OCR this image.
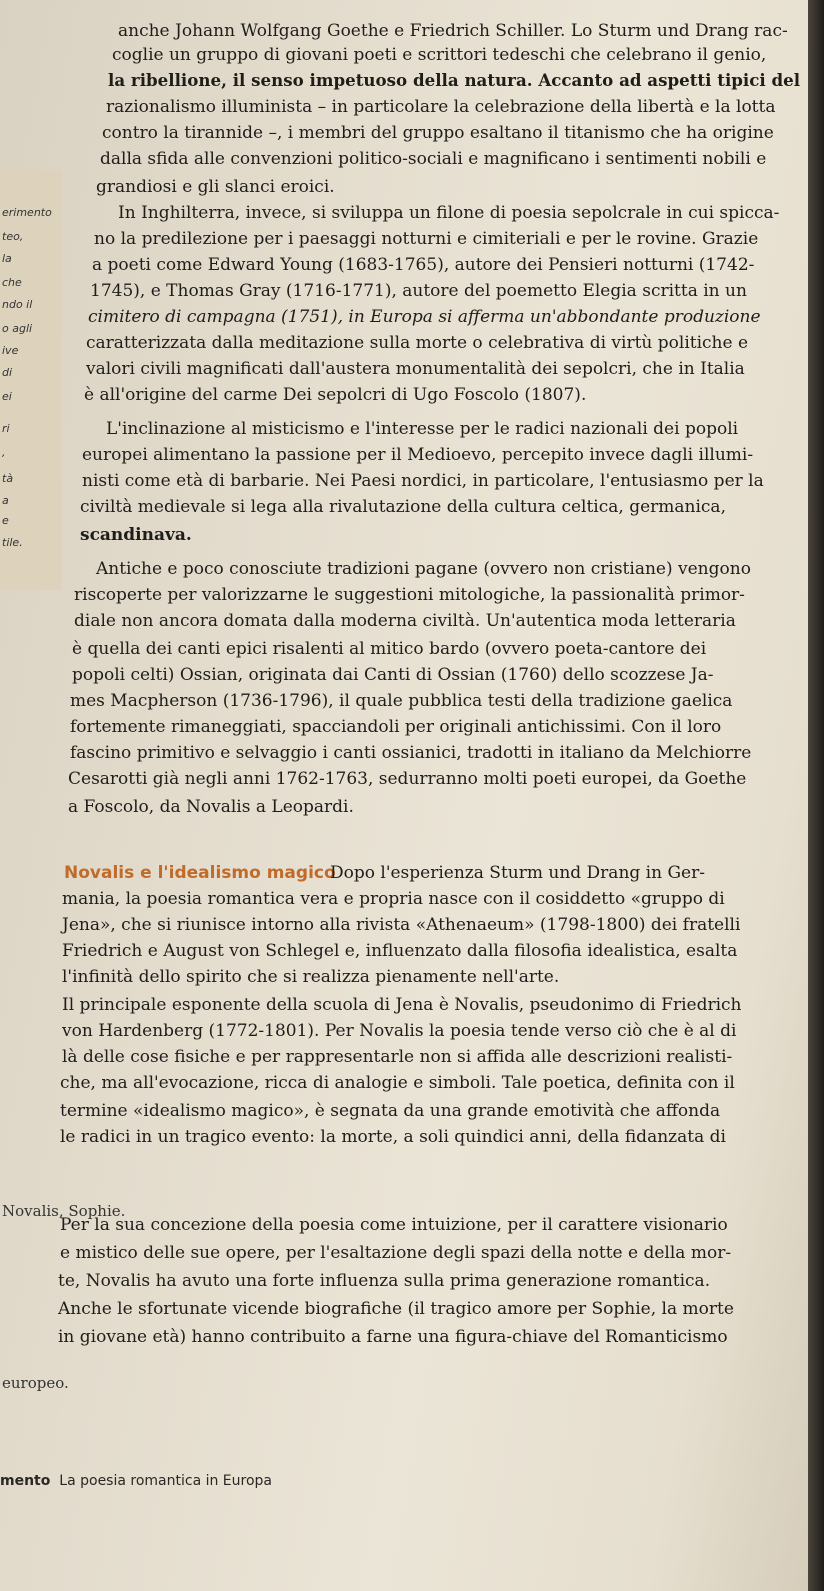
erimento
teo,
la
che
ndo il
o agli
ive
di
ei
ri
,
tà
a
e
tile.
Novalis, Sophie.
europeo.
anche Johann Wolfgang Goethe e Friedrich Schiller. Lo Sturm und Drang rac-
coglie un gruppo di giovani poeti e scrittori tedeschi che celebrano il genio,
la ribellione, il senso impetuoso della natura. Accanto ad aspetti tipici del
razionalismo illuminista – in particolare la celebrazione della libertà e la lotta
contro la tirannide –, i membri del gruppo esaltano il titanismo che ha origine
dalla sfida alle convenzioni politico-sociali e magnificano i sentimenti nobili e
grandiosi e gli slanci eroici.
In Inghilterra, invece, si sviluppa un filone di poesia sepolcrale in cui spicca-
no la predilezione per i paesaggi notturni e cimiteriali e per le rovine. Grazie
a poeti come Edward Young (1683-1765), autore dei Pensieri notturni (1742-
1745), e Thomas Gray (1716-1771), autore del poemetto Elegia scritta in un
cimitero di campagna (1751), in Europa si afferma un'abbondante produzione
caratterizzata dalla meditazione sulla morte o celebrativa di virtù politiche e
valori civili magnificati dall'austera monumentalità dei sepolcri, che in Italia
è all'origine del carme Dei sepolcri di Ugo Foscolo (1807).
L'inclinazione al misticismo e l'interesse per le radici nazionali dei popoli
europei alimentano la passione per il Medioevo, percepito invece dagli illumi-
nisti come età di barbarie. Nei Paesi nordici, in particolare, l'entusiasmo per la
civiltà medievale si lega alla rivalutazione della cultura celtica, germanica,
scandinava.
Antiche e poco conosciute tradizioni pagane (ovvero non cristiane) vengono
riscoperte per valorizzarne le suggestioni mitologiche, la passionalità primor-
diale non ancora domata dalla moderna civiltà. Un'autentica moda letteraria
è quella dei canti epici risalenti al mitico bardo (ovvero poeta-cantore dei
popoli celti) Ossian, originata dai Canti di Ossian (1760) dello scozzese Ja-
mes Macpherson (1736-1796), il quale pubblica testi della tradizione gaelica
fortemente rimaneggiati, spacciandoli per originali antichissimi. Con il loro
fascino primitivo e selvaggio i canti ossianici, tradotti in italiano da Melchiorre
Cesarotti già negli anni 1762-1763, sedurranno molti poeti europei, da Goethe
a Foscolo, da Novalis a Leopardi.
Novalis e l'idealismo magico
Dopo l'esperienza Sturm und Drang in Ger-
mania, la poesia romantica vera e propria nasce con il cosiddetto «gruppo di
Jena», che si riunisce intorno alla rivista «Athenaeum» (1798-1800) dei fratelli
Friedrich e August von Schlegel e, influenzato dalla filosofia idealistica, esalta
l'infinità dello spirito che si realizza pienamente nell'arte.
Il principale esponente della scuola di Jena è Novalis, pseudonimo di Friedrich
von Hardenberg (1772-1801). Per Novalis la poesia tende verso ciò che è al di
là delle cose fisiche e per rappresentarle non si affida alle descrizioni realisti-
che, ma all'evocazione, ricca di analogie e simboli. Tale poetica, definita con il
termine «idealismo magico», è segnata da una grande emotività che affonda
le radici in un tragico evento: la morte, a soli quindici anni, della fidanzata di
Per la sua concezione della poesia come intuizione, per il carattere visionario
e mistico delle sue opere, per l'esaltazione degli spazi della notte e della mor-
te, Novalis ha avuto una forte influenza sulla prima generazione romantica.
Anche le sfortunate vicende biografiche (il tragico amore per Sophie, la morte
in giovane età) hanno contribuito a farne una figura-chiave del Romanticismo
mento La poesia romantica in Europa
